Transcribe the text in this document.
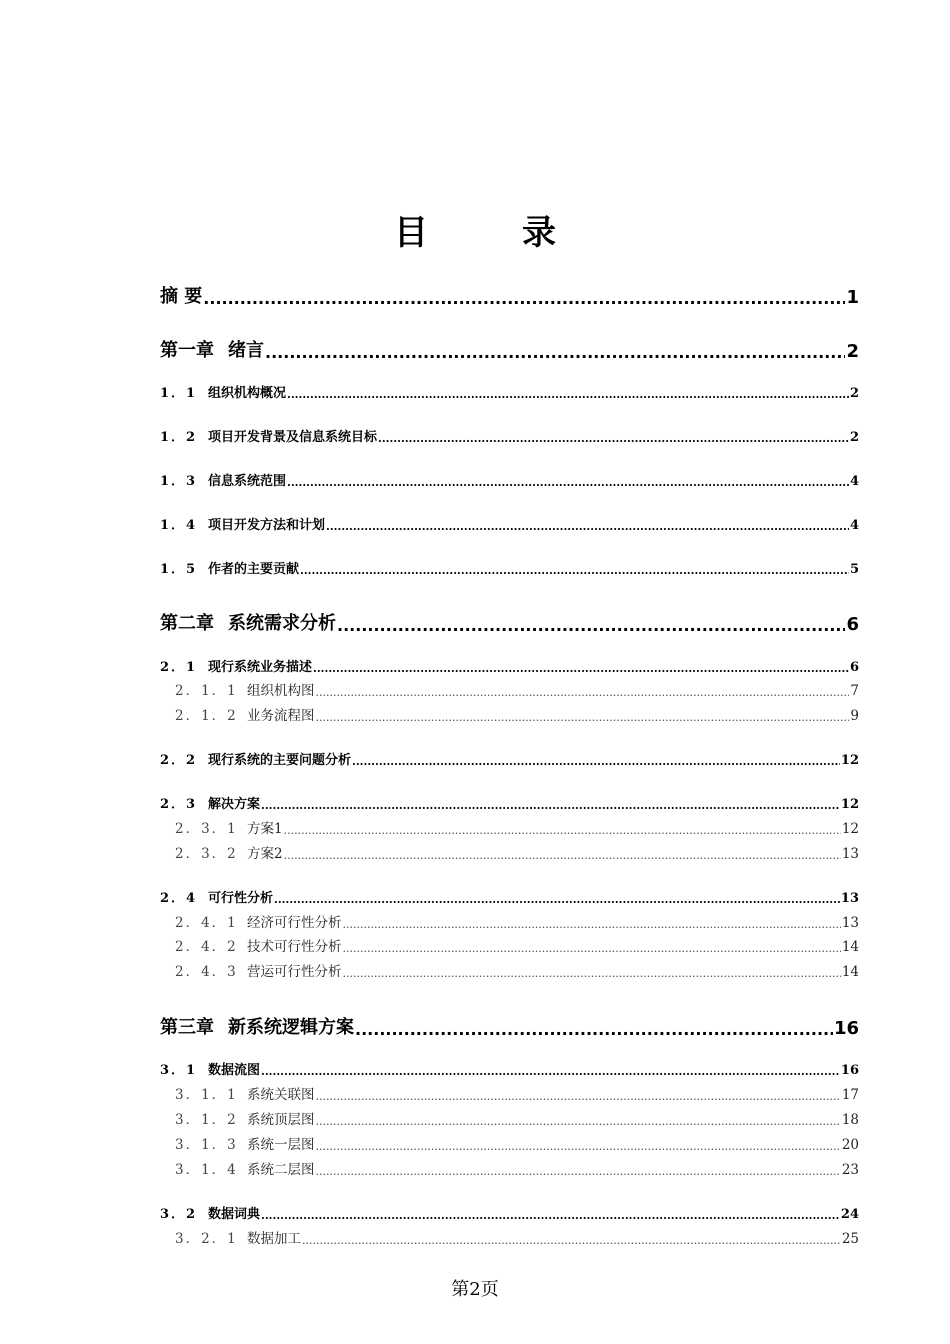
目　录
摘 要 .....	1
第一章 绪言 .....	2
1．1 组织机构概况 .....	2
1．2 项目开发背景及信息系统目标 .....	2
1．3 信息系统范围 .....	4
1．4 项目开发方法和计划 .....	4
1．5 作者的主要贡献 .....	5
第二章 系统需求分析 .....	6
2．1 现行系统业务描述 .....	6
2．1．1 组织机构图 .....	7
2．1．2 业务流程图 .....	9
2．2 现行系统的主要问题分析 .....	12
2．3 解决方案 .....	12
2．3．1 方案1 .....	12
2．3．2 方案2 .....	13
2．4 可行性分析 .....	13
2．4．1 经济可行性分析 .....	13
2．4．2 技术可行性分析 .....	14
2．4．3 营运可行性分析 .....	14
第三章 新系统逻辑方案 .....	16
3．1 数据流图 .....	16
3．1．1 系统关联图 .....	17
3．1．2 系统顶层图 .....	18
3．1．3 系统一层图 .....	20
3．1．4 系统二层图 .....	23
3．2 数据词典 .....	24
3．2．1 数据加工 .....	25
第2页
